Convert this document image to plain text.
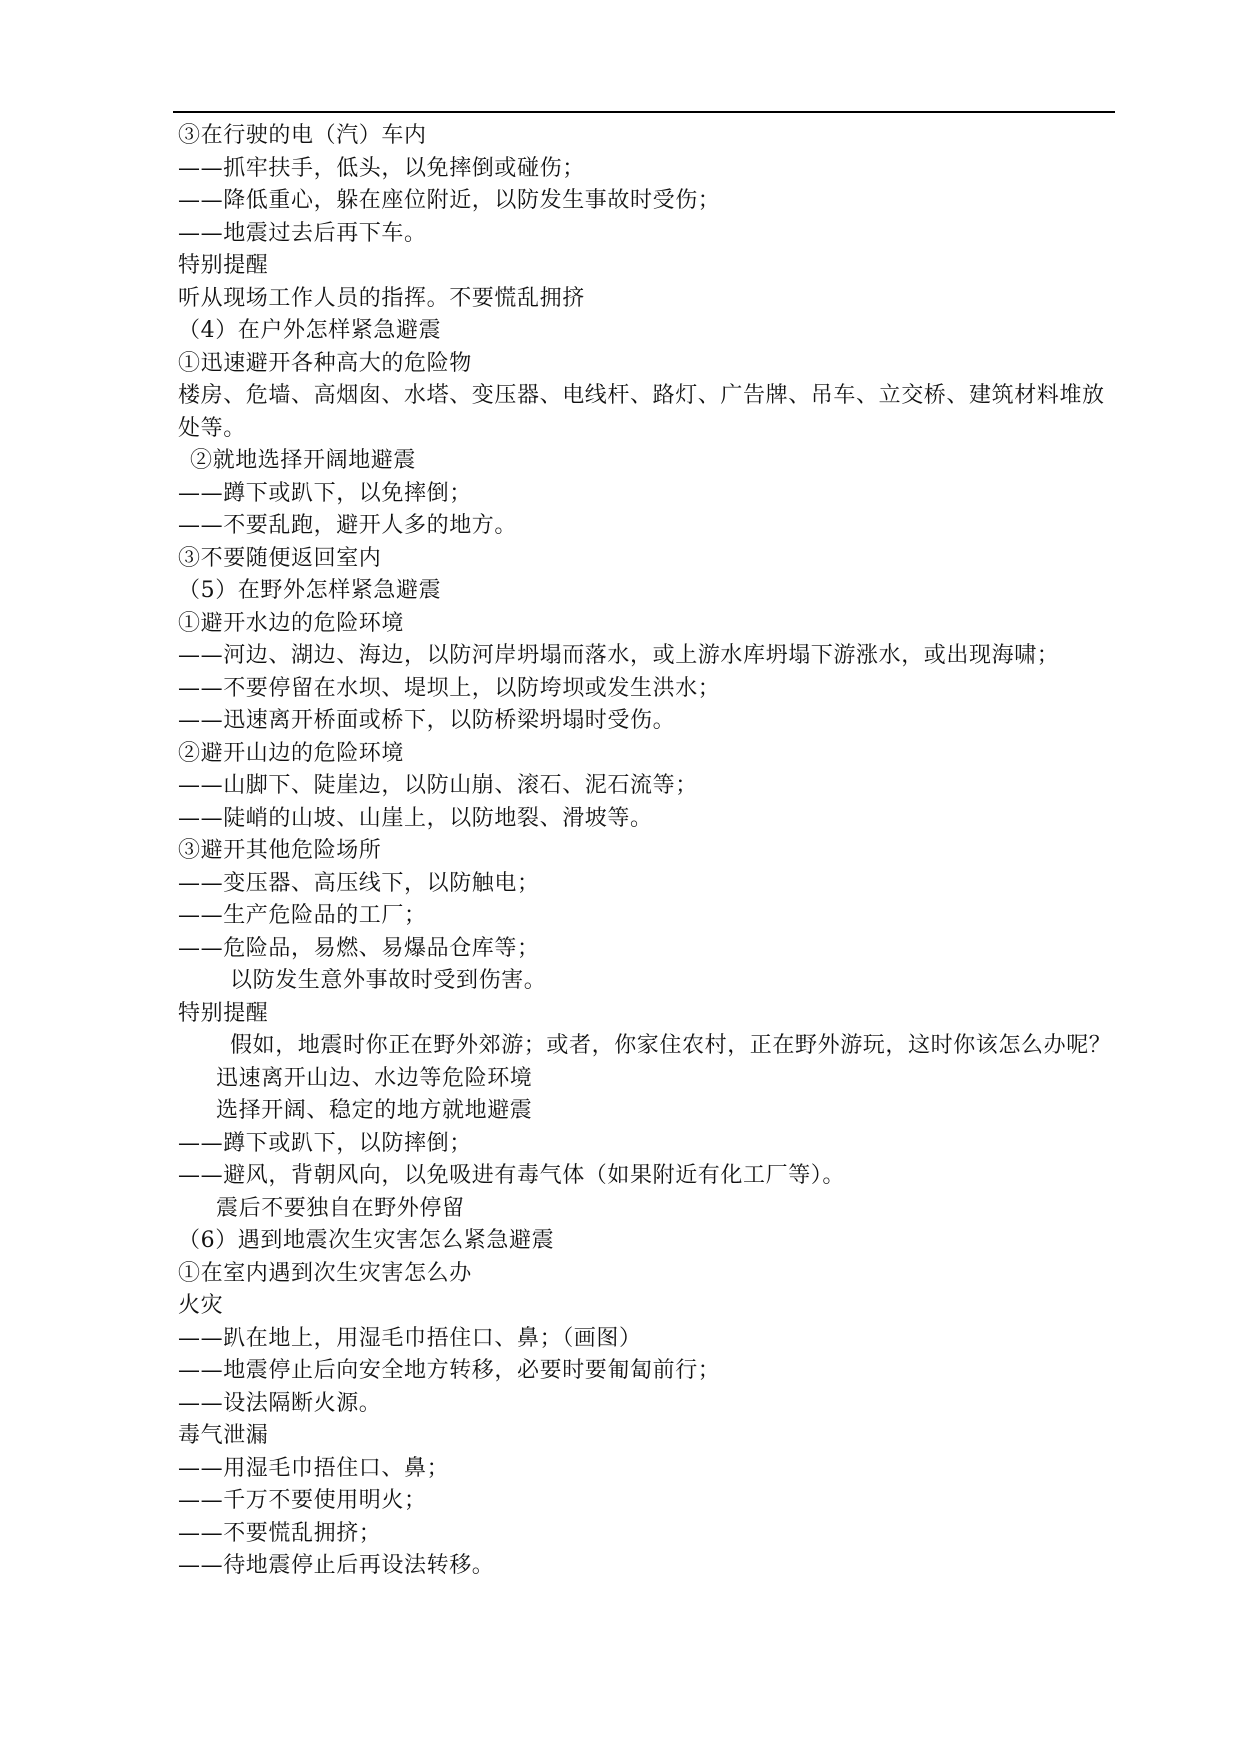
③在行驶的电（汽）车内
——抓牢扶手，低头，以免摔倒或碰伤；
——降低重心，躲在座位附近，以防发生事故时受伤；
——地震过去后再下车。
特别提醒
听从现场工作人员的指挥。不要慌乱拥挤
（4）在户外怎样紧急避震
①迅速避开各种高大的危险物
楼房、危墙、高烟囱、水塔、变压器、电线杆、路灯、广告牌、吊车、立交桥、建筑材料堆放处等。
②就地选择开阔地避震
——蹲下或趴下，以免摔倒；
——不要乱跑，避开人多的地方。
③不要随便返回室内
（5）在野外怎样紧急避震
①避开水边的危险环境
——河边、湖边、海边，以防河岸坍塌而落水，或上游水库坍塌下游涨水，或出现海啸；
——不要停留在水坝、堤坝上，以防垮坝或发生洪水；
——迅速离开桥面或桥下，以防桥梁坍塌时受伤。
②避开山边的危险环境
——山脚下、陡崖边，以防山崩、滚石、泥石流等；
——陡峭的山坡、山崖上，以防地裂、滑坡等。
③避开其他危险场所
——变压器、高压线下，以防触电；
——生产危险品的工厂；
——危险品，易燃、易爆品仓库等；
以防发生意外事故时受到伤害。
特别提醒
假如，地震时你正在野外郊游；或者，你家住农村，正在野外游玩，这时你该怎么办呢？
迅速离开山边、水边等危险环境
选择开阔、稳定的地方就地避震
——蹲下或趴下，以防摔倒；
——避风，背朝风向，以免吸进有毒气体（如果附近有化工厂等）。
震后不要独自在野外停留
（6）遇到地震次生灾害怎么紧急避震
①在室内遇到次生灾害怎么办
火灾
——趴在地上，用湿毛巾捂住口、鼻；（画图）
——地震停止后向安全地方转移，必要时要匍匐前行；
——设法隔断火源。
毒气泄漏
——用湿毛巾捂住口、鼻；
——千万不要使用明火；
——不要慌乱拥挤；
——待地震停止后再设法转移。
